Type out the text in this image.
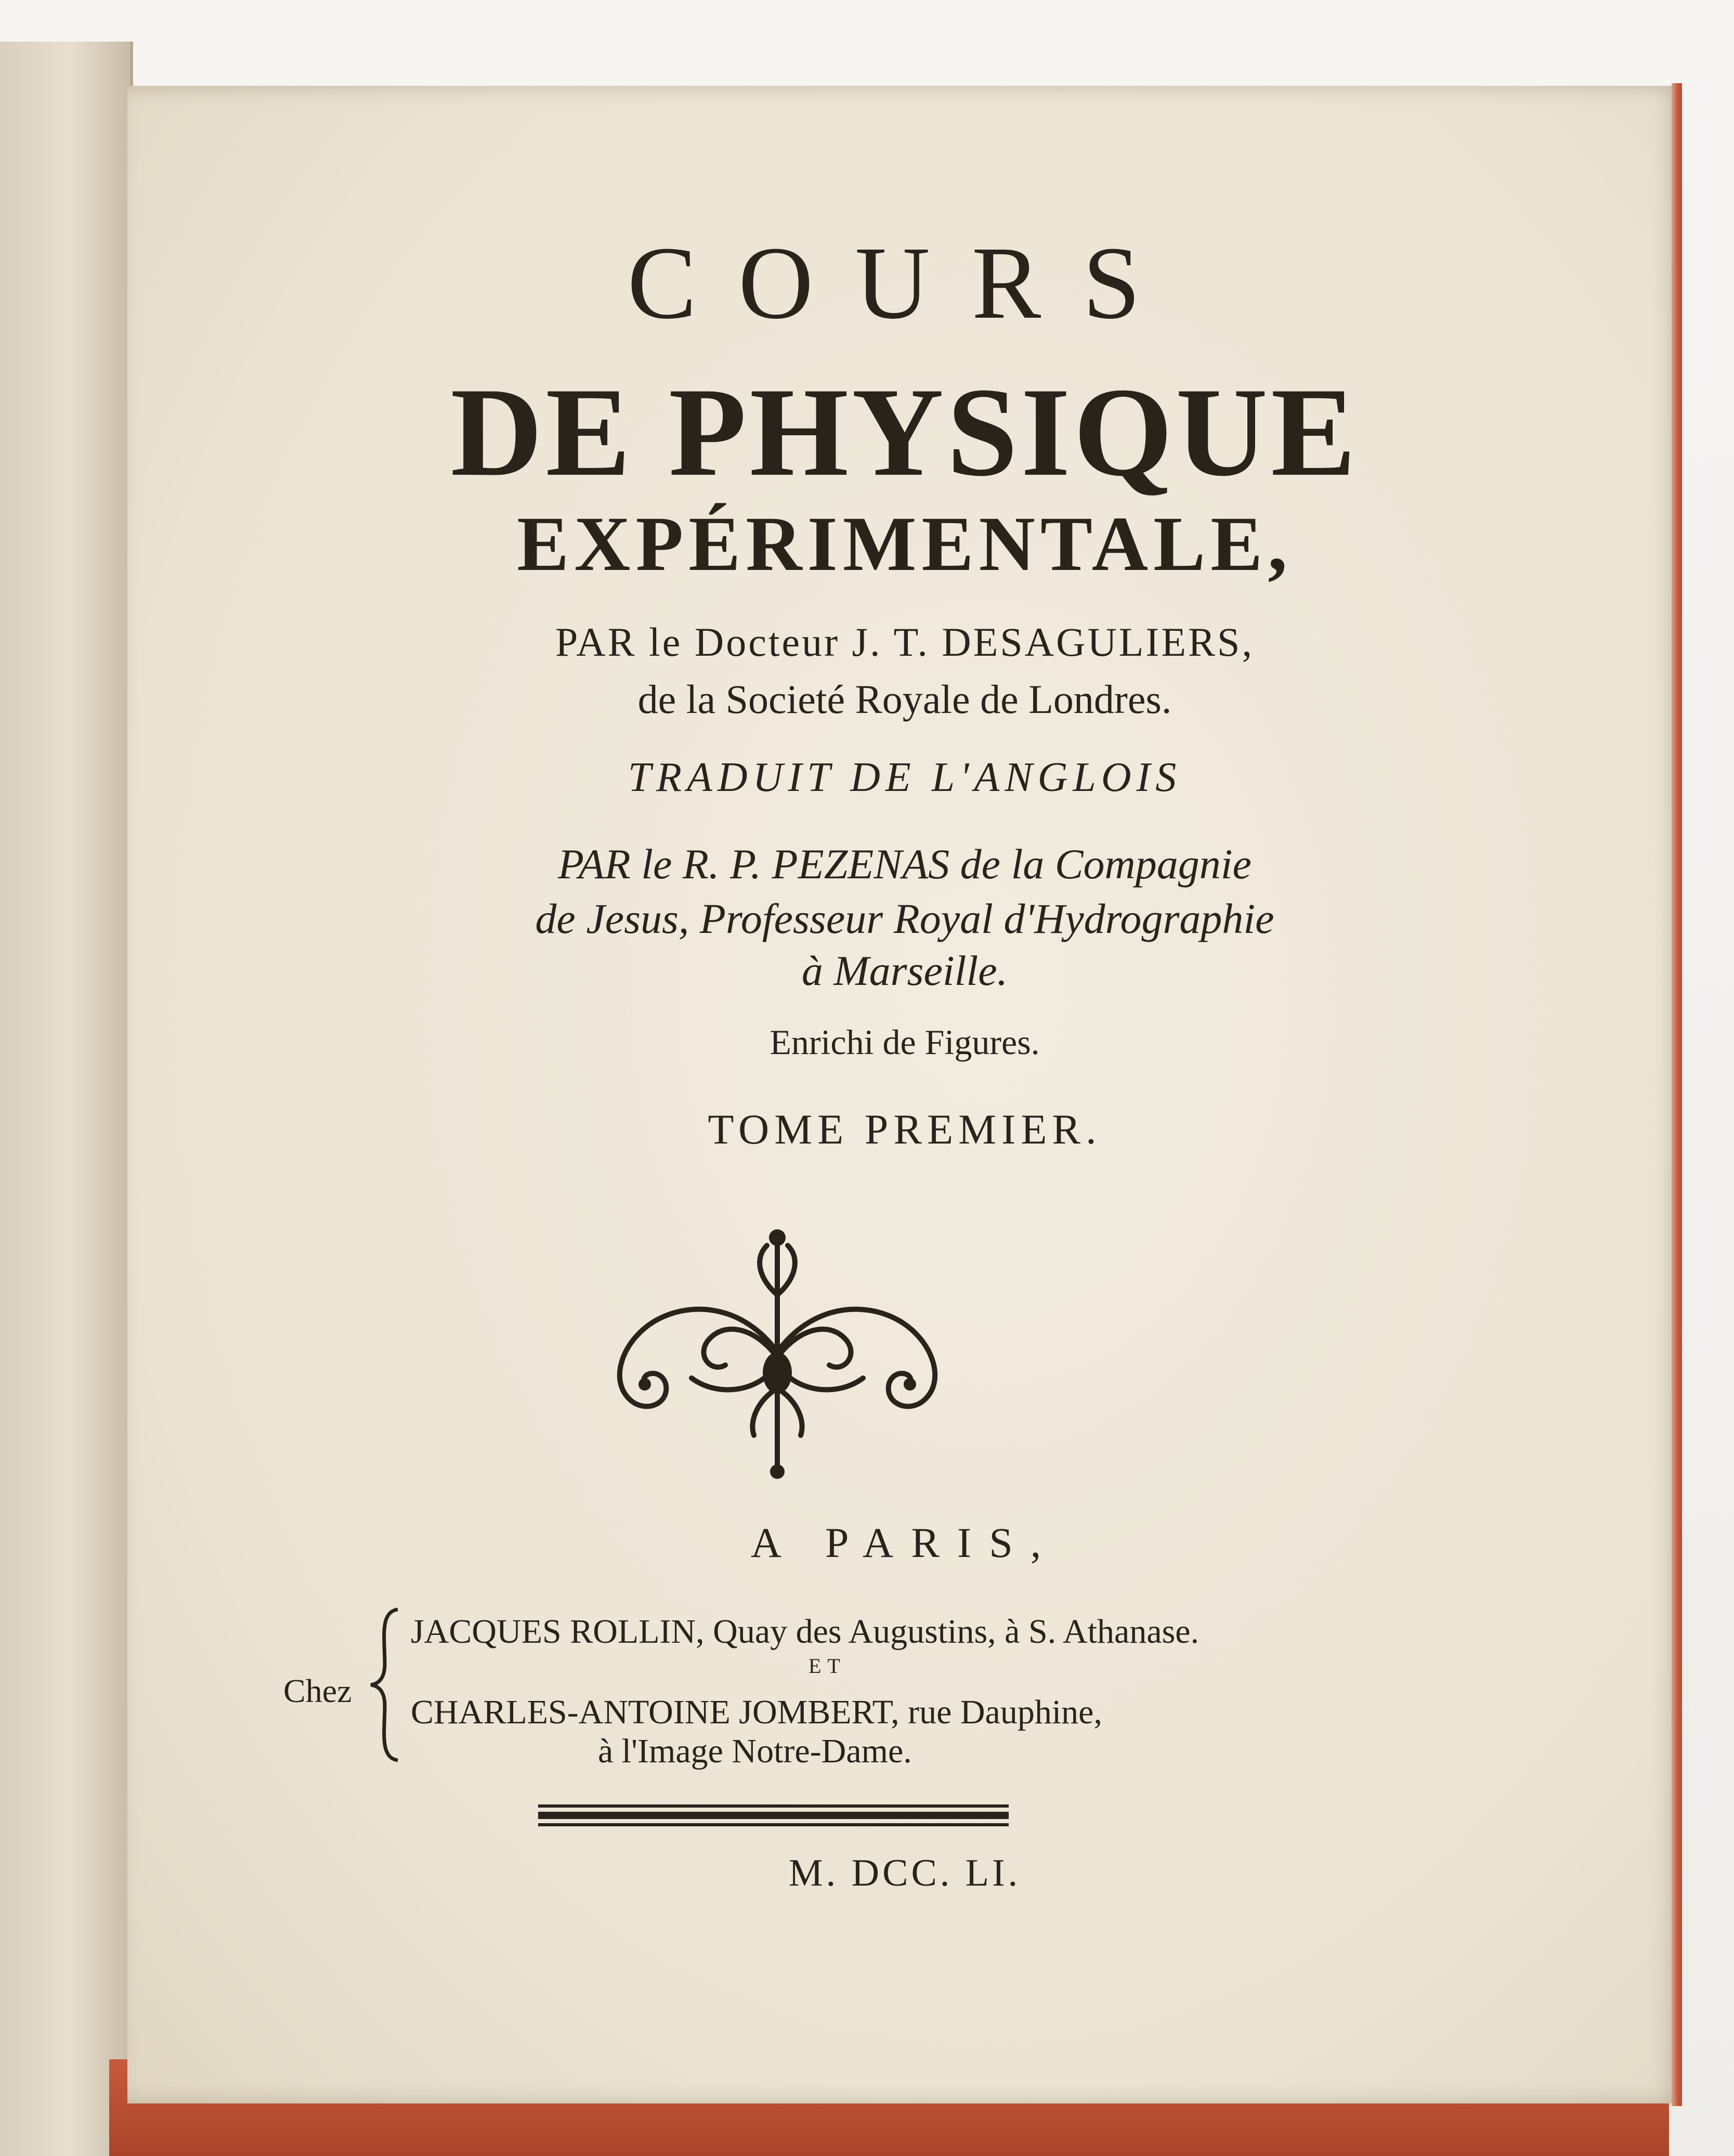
COURS
DE PHYSIQUE
EXPÉRIMENTALE,
PAR le Docteur J. T. DESAGULIERS,
de la Societé Royale de Londres.
TRADUIT DE L'ANGLOIS
PAR le R. P. PEZENAS de la Compagnie
de Jesus, Professeur Royal d'Hydrographie
à Marseille.
Enrichi de Figures.
TOME PREMIER.
A PARIS,
Chez
JACQUES ROLLIN, Quay des Augustins, à S. Athanase.
ET
CHARLES-ANTOINE JOMBERT, rue Dauphine,
à l'Image Notre-Dame.
M. DCC. LI.
